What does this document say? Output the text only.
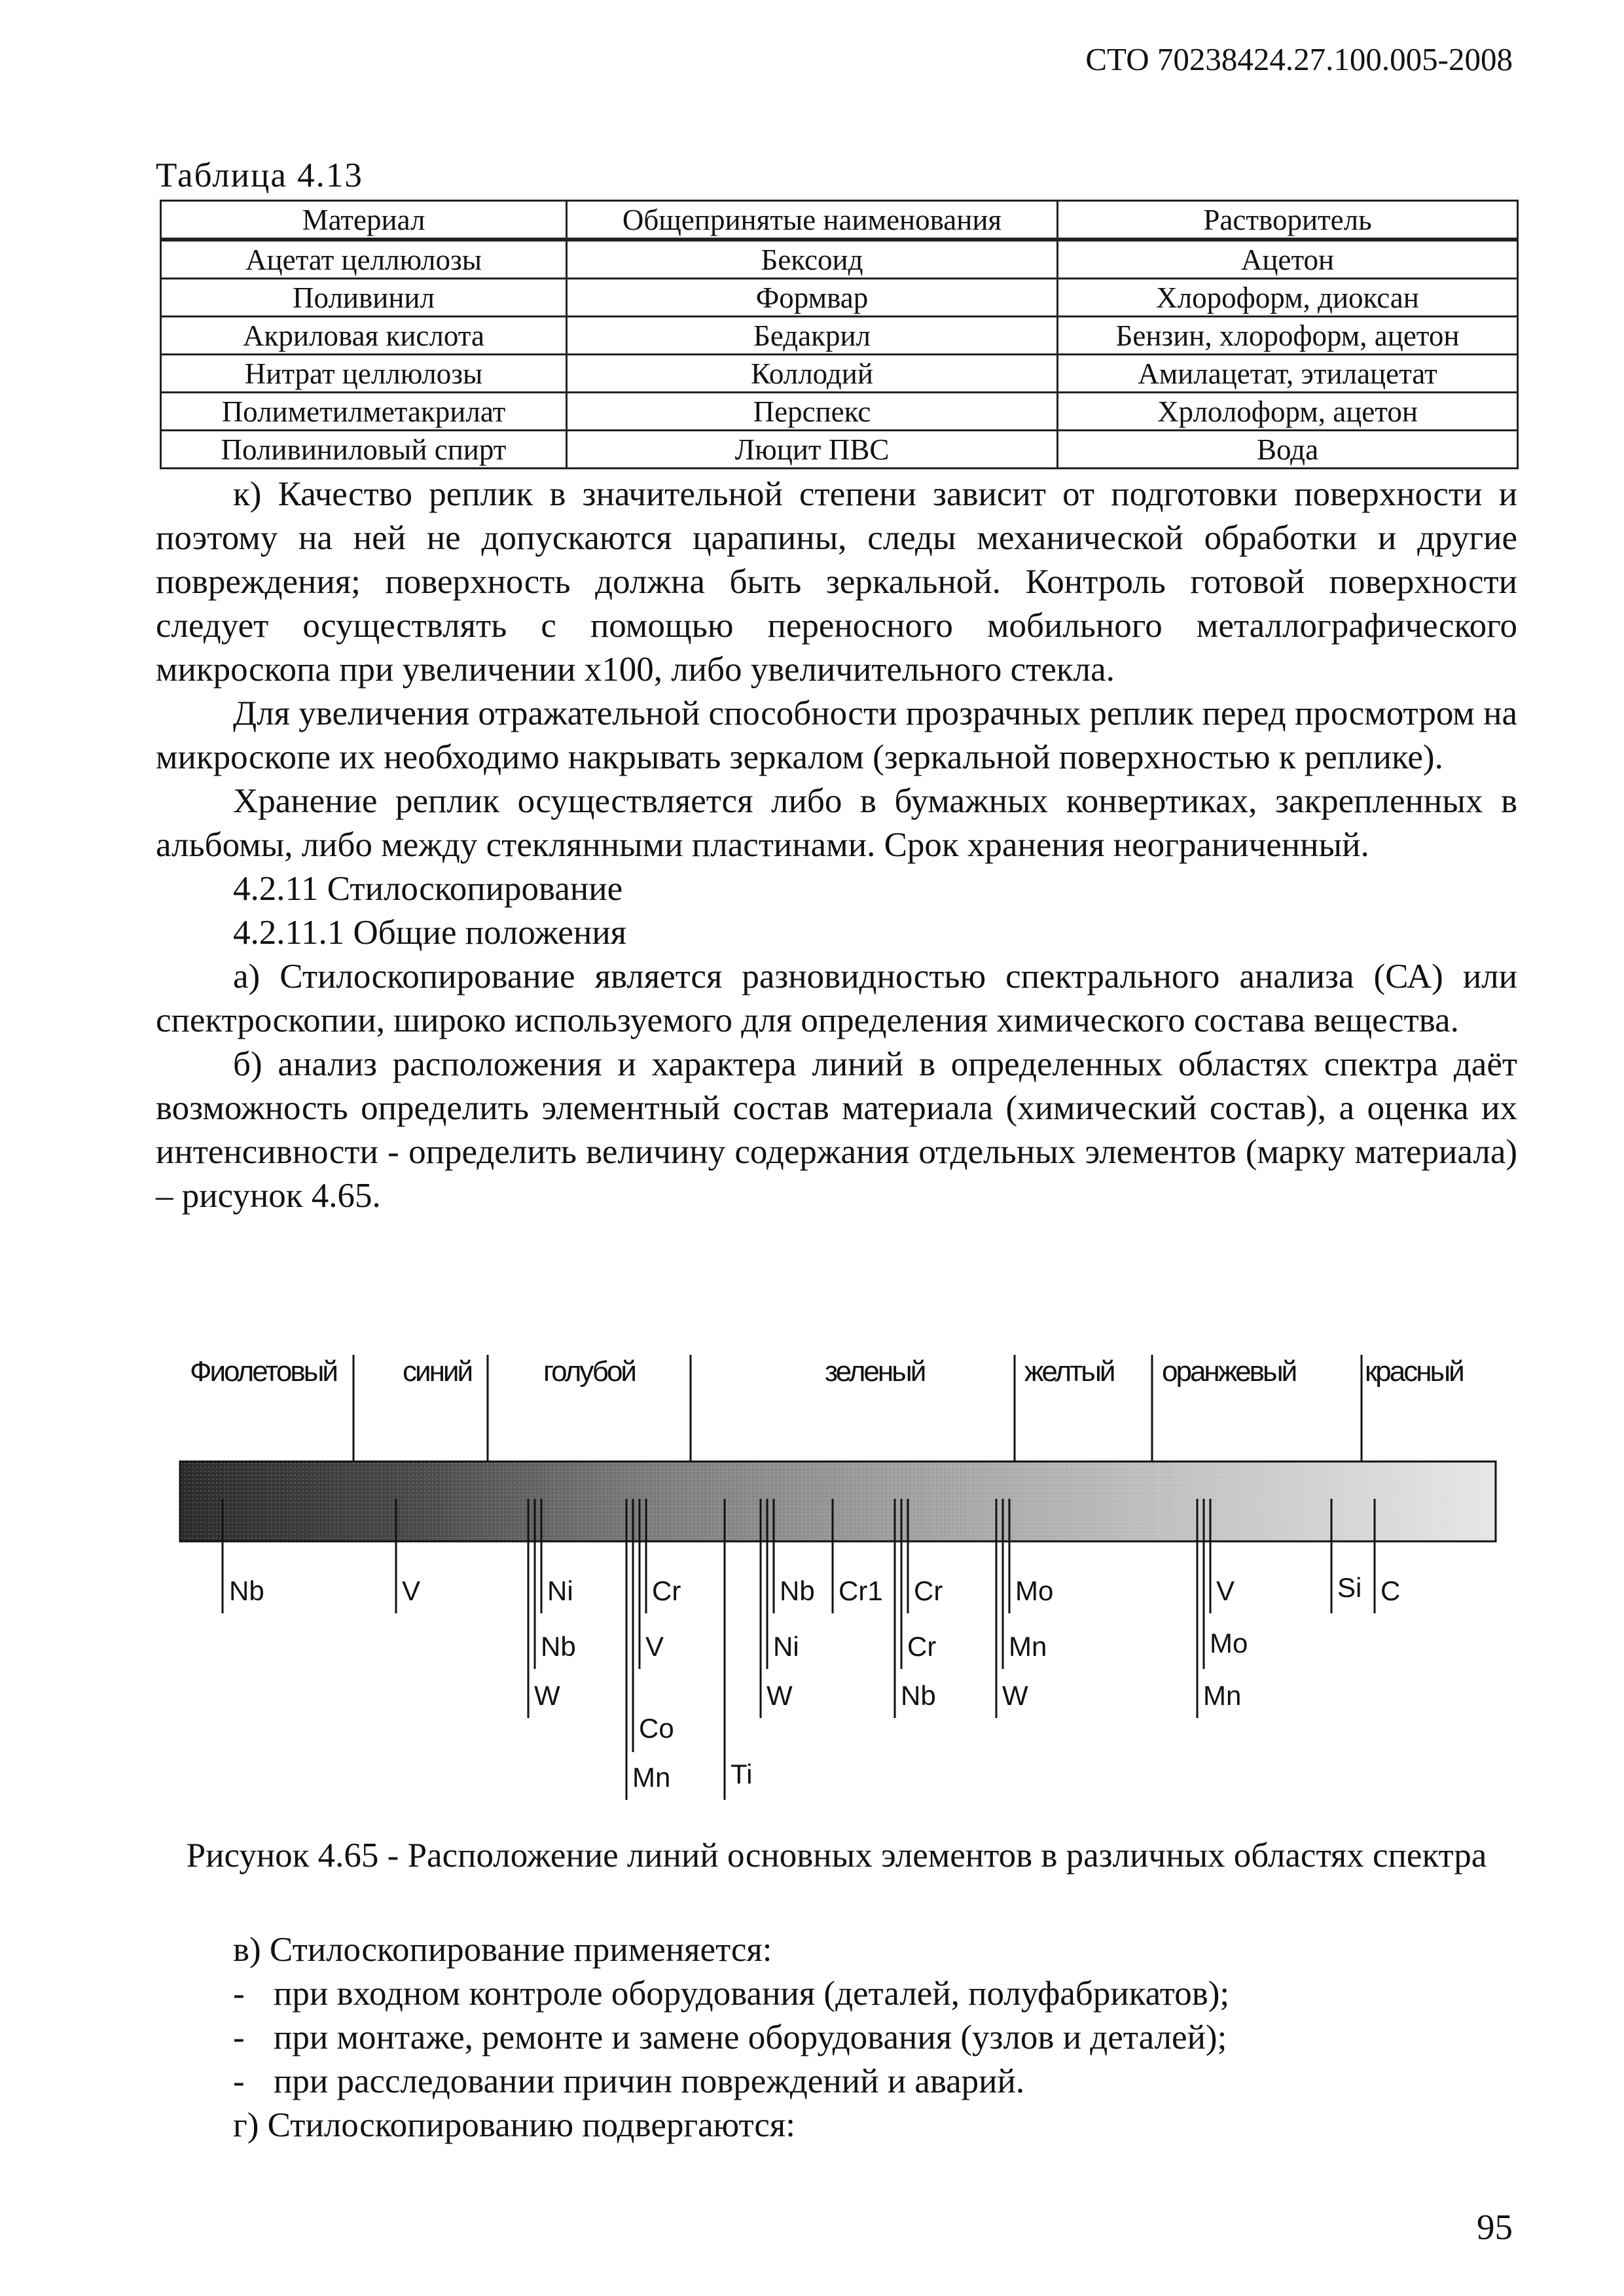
СТО 70238424.27.100.005-2008
Таблица 4.13
Материал	Общепринятые наименования	Растворитель
Ацетат целлюлозы	Бексоид	Ацетон
Поливинил	Формвар	Хлороформ, диоксан
Акриловая кислота	Бедакрил	Бензин, хлороформ, ацетон
Нитрат целлюлозы	Коллодий	Амилацетат, этилацетат
Полиметилметакрилат	Перспекс	Хрлолоформ, ацетон
Поливиниловый спирт	Люцит ПВС	Вода

к) Качество реплик в значительной степени зависит от подготовки поверхности и поэтому на ней не допускаются царапины, следы механической обработки и другие повреждения; поверхность должна быть зеркальной. Контроль готовой поверхности следует осуществлять с помощью переносного мобильного металлографического микроскопа при увеличении х100, либо увеличительного стекла.

Для увеличения отражательной способности прозрачных реплик перед просмотром на микроскопе их необходимо накрывать зеркалом (зеркальной поверхностью к реплике).

Хранение реплик осуществляется либо в бумажных конвертиках, закрепленных в альбомы, либо между стеклянными пластинами. Срок хранения неограниченный.

4.2.11 Стилоскопирование

4.2.11.1 Общие положения

а) Стилоскопирование является разновидностью спектрального анализа (СА) или спектроскопии, широко используемого для определения химического состава вещества.

б) анализ расположения и характера линий в определенных областях спектра даёт возможность определить элементный состав материала (химический состав), а оценка их интенсивности - определить величину содержания отдельных элементов (марку материала) – рисунок 4.65.

Фиолетовый синий голубой	зеленый	желтый оранжевый красный
Nb	V	Ni
Nb
W
Cr
V
Co
Mn Ti
Nb
Ni
W
Cr1 Cr
Cr
Nb
Mo
Mn
W
V
Mo
Mn
Si C
Рисунок 4.65 - Расположение линий основных элементов в различных областях спектра

в) Стилоскопирование применяется:

- при входном контроле оборудования (деталей, полуфабрикатов);
- при монтаже, ремонте и замене оборудования (узлов и деталей);
- при расследовании причин повреждений и аварий.

г) Стилоскопированию подвергаются:

95
